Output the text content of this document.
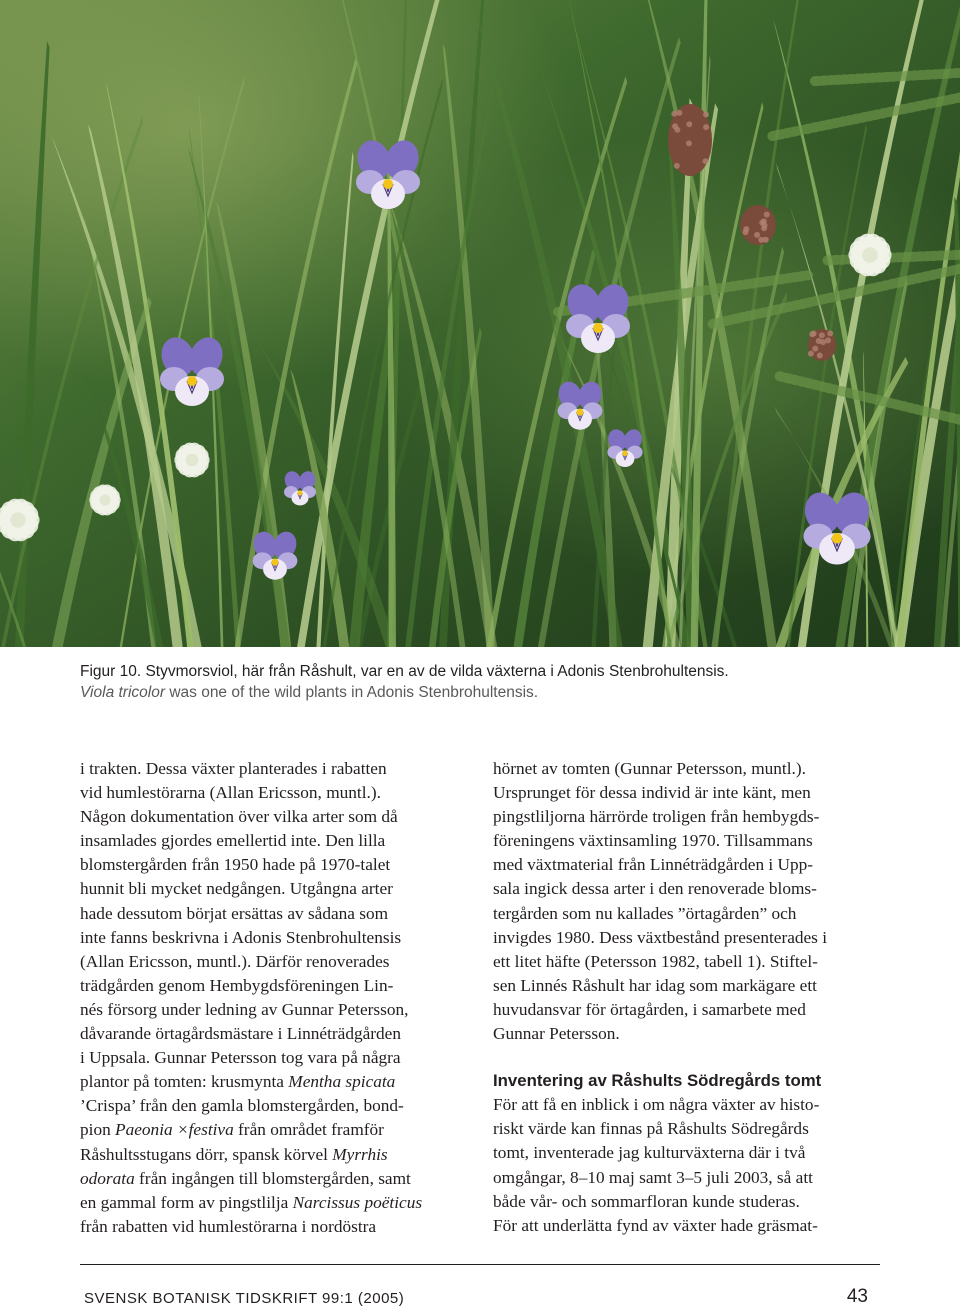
Figur 10. Styvmorsviol, här från Råshult, var en av de vilda växterna i Adonis Stenbrohultensis.

Viola tricolor was one of the wild plants in Adonis Stenbrohultensis.

i trakten. Dessa växter planterades i rabatten
vid humlestörarna (Allan Ericsson, muntl.).
Någon dokumentation över vilka arter som då
insamlades gjordes emellertid inte. Den lilla
blomstergården från 1950 hade på 1970-talet
hunnit bli mycket nedgången. Utgångna arter
hade dessutom börjat ersättas av sådana som
inte fanns beskrivna i Adonis Stenbrohultensis
(Allan Ericsson, muntl.). Därför renoverades
trädgården genom Hembygdsföreningen Lin-
nés försorg under ledning av Gunnar Petersson,
dåvarande örtagårdsmästare i Linnéträdgården
i Uppsala. Gunnar Petersson tog vara på några
plantor på tomten: krusmynta Mentha spicata
’Crispa’ från den gamla blomstergården, bond-
pion Paeonia ×festiva från området framför
Råshultsstugans dörr, spansk körvel Myrrhis
odorata från ingången till blomstergården, samt
en gammal form av pingstlilja Narcissus poëticus
från rabatten vid humlestörarna i nordöstra
hörnet av tomten (Gunnar Petersson, muntl.).
Ursprunget för dessa individ är inte känt, men
pingstliljorna härrörde troligen från hembygds-
föreningens växtinsamling 1970. Tillsammans
med växtmaterial från Linnéträdgården i Upp-
sala ingick dessa arter i den renoverade bloms-
tergården som nu kallades ”örtagården” och
invigdes 1980. Dess växtbestånd presenterades i
ett litet häfte (Petersson 1982, tabell 1). Stiftel-
sen Linnés Råshult har idag som markägare ett
huvudansvar för örtagården, i samarbete med
Gunnar Petersson.
Inventering av Råshults Södregårds tomt
För att få en inblick i om några växter av histo-
riskt värde kan finnas på Råshults Södregårds
tomt, inventerade jag kulturväxterna där i två
omgångar, 8–10 maj samt 3–5 juli 2003, så att
både vår- och sommarfloran kunde studeras.
För att underlätta fynd av växter hade gräsmat-
SVENSK BOTANISK TIDSKRIFT 99:1 (2005)	43
